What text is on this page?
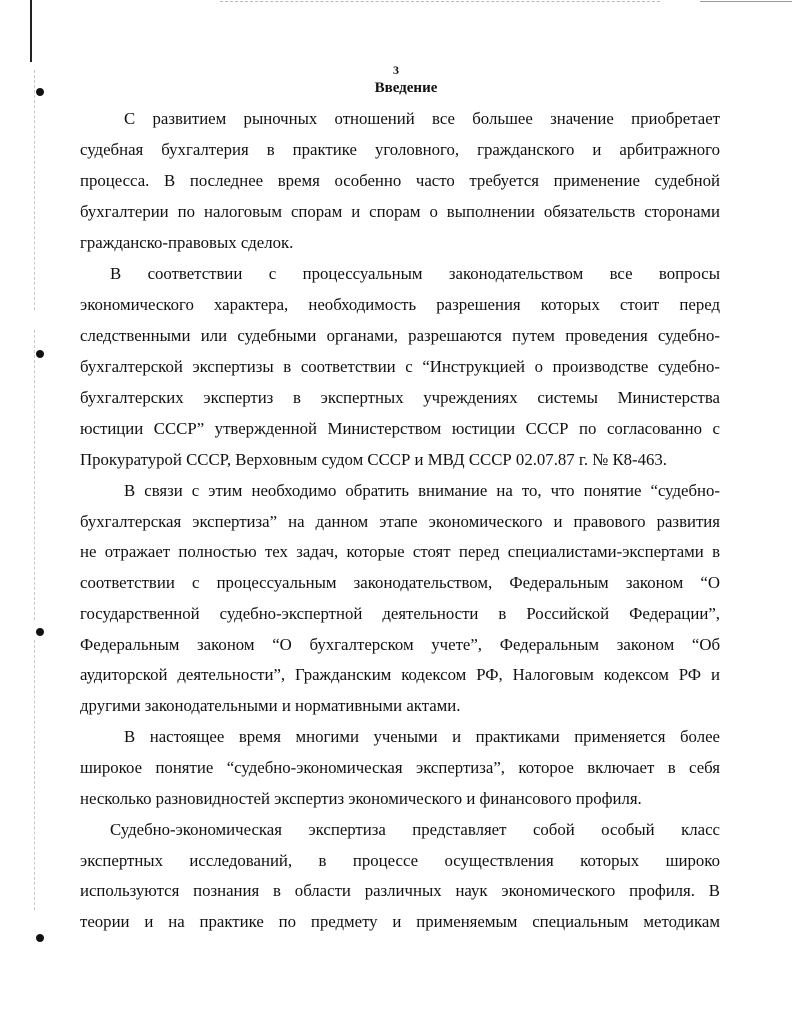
3
Введение
С развитием рыночных отношений все большее значение приобретает
судебная бухгалтерия в практике уголовного, гражданского и арбитражного
процесса. В последнее время особенно часто требуется применение судебной
бухгалтерии по налоговым спорам и спорам о выполнении обязательств сторонами
гражданско-правовых сделок.
В соответствии с процессуальным законодательством все вопросы
экономического характера, необходимость разрешения которых стоит перед
следственными или судебными органами, разрешаются путем проведения судебно-
бухгалтерской экспертизы в соответствии с “Инструкцией о производстве судебно-
бухгалтерских экспертиз в экспертных учреждениях системы Министерства
юстиции СССР” утвержденной Министерством юстиции СССР по согласованно с
Прокуратурой СССР, Верховным судом СССР и МВД СССР 02.07.87 г. № К8-463.
В связи с этим необходимо обратить внимание на то, что понятие “судебно-
бухгалтерская экспертиза” на данном этапе экономического и правового развития
не отражает полностью тех задач, которые стоят перед специалистами-экспертами в
соответствии с процессуальным законодательством, Федеральным законом “О
государственной судебно-экспертной деятельности в Российской Федерации”,
Федеральным законом “О бухгалтерском учете”, Федеральным законом “Об
аудиторской деятельности”, Гражданским кодексом РФ, Налоговым кодексом РФ и
другими законодательными и нормативными актами.
В настоящее время многими учеными и практиками применяется более
широкое понятие “судебно-экономическая экспертиза”, которое включает в себя
несколько разновидностей экспертиз экономического и финансового профиля.
Судебно-экономическая экспертиза представляет собой особый класс
экспертных исследований, в процессе осуществления которых широко
используются познания в области различных наук экономического профиля. В
теории и на практике по предмету и применяемым специальным методикам
